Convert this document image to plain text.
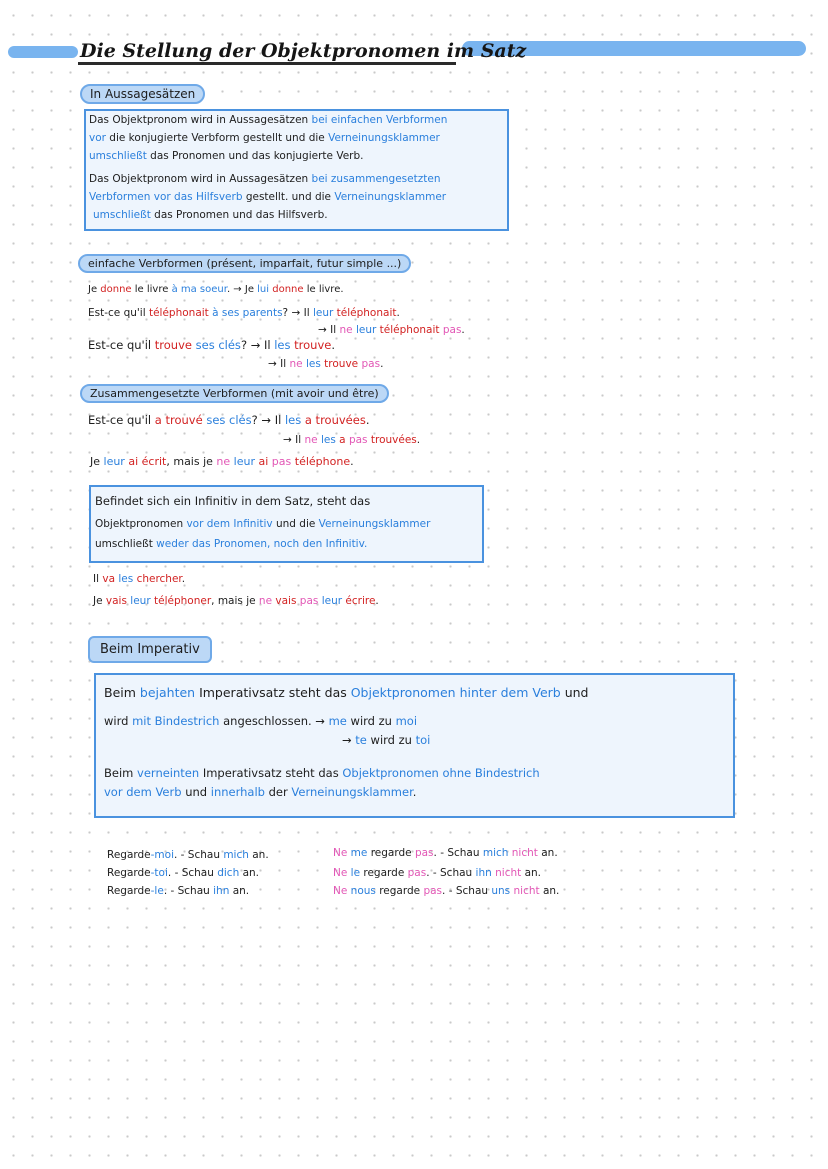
Die Stellung der Objektpronomen im Satz
In Aussagesätzen
Das Objektpronom wird in Aussagesätzen bei einfachen Verbformen
vor die konjugierte Verbform gestellt und die Verneinungsklammer
umschließt das Pronomen und das konjugierte Verb.
Das Objektpronom wird in Aussagesätzen bei zusammengesetzten
Verbformen vor das Hilfsverb gestellt. und die Verneinungsklammer
umschließt das Pronomen und das Hilfsverb.
einfache Verbformen (présent, imparfait, futur simple ...)
Je donne le livre à ma soeur. → Je lui donne le livre.
Est-ce qu'il téléphonait à ses parents? → Il leur téléphonait.
→ Il ne leur téléphonait pas.
Est-ce qu'il trouve ses clés? → Il les trouve.
→ Il ne les trouve pas.
Zusammengesetzte Verbformen (mit avoir und être)
Est-ce qu'il a trouvé ses clés? → Il les a trouvées.
→ Il ne les a pas trouvées.
Je leur ai écrit, mais je ne leur ai pas téléphone.
Befindet sich ein Infinitiv in dem Satz, steht das
Objektpronomen vor dem Infinitiv und die Verneinungsklammer
umschließt weder das Pronomen, noch den Infinitiv.
Il va les chercher.
Je vais leur téléphoner, mais je ne vais pas leur écrire.
Beim Imperativ
Beim bejahten Imperativsatz steht das Objektpronomen hinter dem Verb und
wird mit Bindestrich angeschlossen. → me wird zu moi
→ te wird zu toi
Beim verneinten Imperativsatz steht das Objektpronomen ohne Bindestrich
vor dem Verb und innerhalb der Verneinungsklammer.
Regarde-moi. - Schau mich an.
Regarde-toi. - Schau dich an.
Regarde-le. - Schau ihn an.
Ne me regarde pas. - Schau mich nicht an.
Ne le regarde pas. - Schau ihn nicht an.
Ne nous regarde pas. - Schau uns nicht an.
